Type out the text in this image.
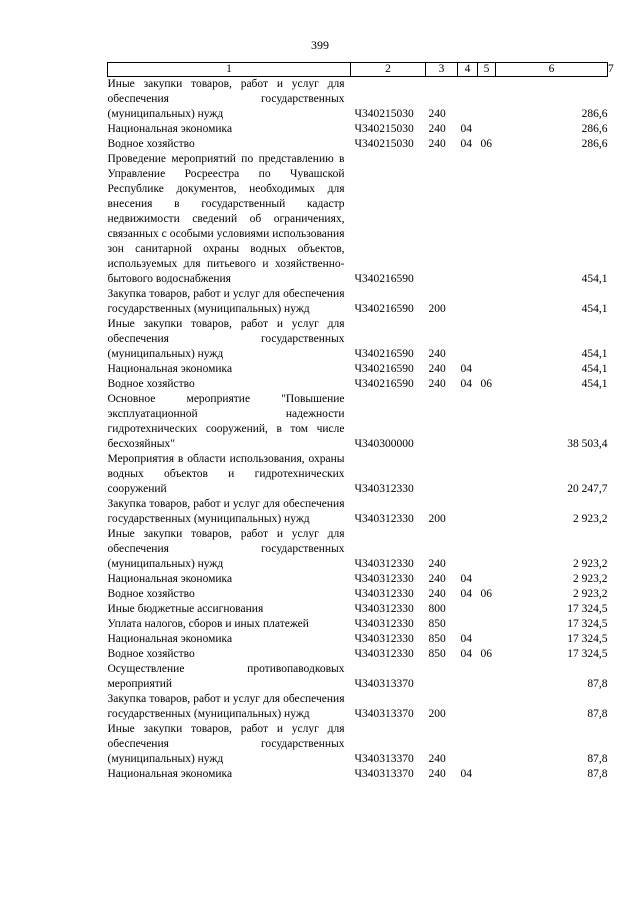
399
1	2	3	4	5	6	7
Иные закупки товаров, работ и услуг для обеспечения государственных (муниципальных) нужд	Ч340215030	240			286,6	
Национальная экономика	Ч340215030	240	04		286,6	
Водное хозяйство	Ч340215030	240	04	06	286,6	
Проведение мероприятий по представлению в Управление Росреестра по Чувашской Республике документов, необходимых для внесения в государственный кадастр недвижимости сведений об ограничениях, связанных с особыми условиями использования зон санитарной охраны водных объектов, используемых для питьевого и хозяйственно-бытового водоснабжения	Ч340216590				454,1	
Закупка товаров, работ и услуг для обеспечения государственных (муниципальных) нужд	Ч340216590	200			454,1	
Иные закупки товаров, работ и услуг для обеспечения государственных (муниципальных) нужд	Ч340216590	240			454,1	
Национальная экономика	Ч340216590	240	04		454,1	
Водное хозяйство	Ч340216590	240	04	06	454,1	
Основное мероприятие "Повышение эксплуатационной надежности гидротехнических сооружений, в том числе бесхозяйных"	Ч340300000				38 503,4	
Мероприятия в области использования, охраны водных объектов и гидротехнических сооружений	Ч340312330				20 247,7	
Закупка товаров, работ и услуг для обеспечения государственных (муниципальных) нужд	Ч340312330	200			2 923,2	
Иные закупки товаров, работ и услуг для обеспечения государственных (муниципальных) нужд	Ч340312330	240			2 923,2	
Национальная экономика	Ч340312330	240	04		2 923,2	
Водное хозяйство	Ч340312330	240	04	06	2 923,2	
Иные бюджетные ассигнования	Ч340312330	800			17 324,5	
Уплата налогов, сборов и иных платежей	Ч340312330	850			17 324,5	
Национальная экономика	Ч340312330	850	04		17 324,5	
Водное хозяйство	Ч340312330	850	04	06	17 324,5	
Осуществление противопаводковых мероприятий	Ч340313370				87,8	
Закупка товаров, работ и услуг для обеспечения государственных (муниципальных) нужд	Ч340313370	200			87,8	
Иные закупки товаров, работ и услуг для обеспечения государственных (муниципальных) нужд	Ч340313370	240			87,8	
Национальная экономика	Ч340313370	240	04		87,8	
